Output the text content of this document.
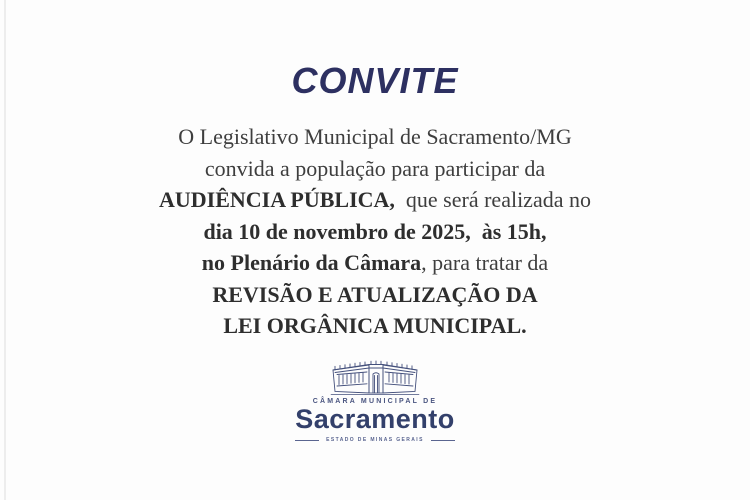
CONVITE

O Legislativo Municipal de Sacramento/MG

convida a população para participar da

AUDIÊNCIA PÚBLICA,  que será realizada no

dia 10 de novembro de 2025,  às 15h,

no Plenário da Câmara, para tratar da

REVISÃO E ATUALIZAÇÃO DA

LEI ORGÂNICA MUNICIPAL.

CÂMARA MUNICIPAL DE
Sacramento
ESTADO DE MINAS GERAIS
